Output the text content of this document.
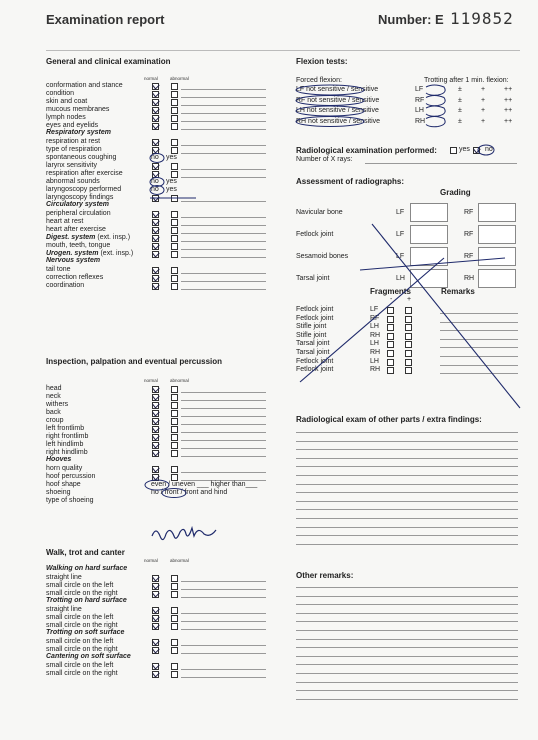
Examination report	Number: E 119852
General and clinical examination
normal	abnormal
conformation and stance
condition
skin and coat
mucous membranes
lymph nodes
eyes and eyelids
Respiratory system
respiration at rest
type of respiration
spontaneous coughing	no yes
larynx sensitivity
respiration after exercise
abnormal sounds	no yes
laryngoscopy performed	no yes
laryngoscopy findings
Circulatory system
peripheral circulation
heart at rest
heart after exercise
Digest. system (ext. insp.)
mouth, teeth, tongue
Urogen. system (ext. insp.)
Nervous system
tail tone
correction reflexes
coordination
Inspection, palpation and eventual percussion
normal	abnormal
head
neck
withers
back
croup
left frontlimb
right frontlimb
left hindlimb
right hindlimb
Hooves
horn quality
hoof percussion
hoof shape	even / uneven ___ higher than___
shoeing	no / front / front and hind
type of shoeing
Walk, trot and canter
normal	abnormal
Walking on hard surface
straight line
small circle on the left
small circle on the right
Trotting on hard surface
straight line
small circle on the left
small circle on the right
Trotting on soft surface
small circle on the left
small circle on the right
Cantering on soft surface
small circle on the left
small circle on the right
Flexion tests:
Forced flexion:	Trotting after 1 min. flexion:
LF not sensitive / sensitive	LF	±	+	++
RF not sensitive / sensitive	RF	±	+	++
LH not sensitive / sensitive	LH	±	+	++
RH not sensitive / sensitive	RH	±	+	++
Radiological examination performed:	yes no
Number of X rays:
Assessment of radiographs:
Grading
Navicular bone	LF	RF
Fetlock joint	LF	RF
Sesamoid bones	LF	RF
Tarsal joint	LH	RH
Fragments	Remarks
- +
Fetlock joint	LF
Fetlock joint	RF
Stifle joint	LH
Stifle joint	RH
Tarsal joint	LH
Tarsal joint	RH
Fetlock joint	LH
Fetlock joint	RH
Radiological exam of other parts / extra findings:
Other remarks:
